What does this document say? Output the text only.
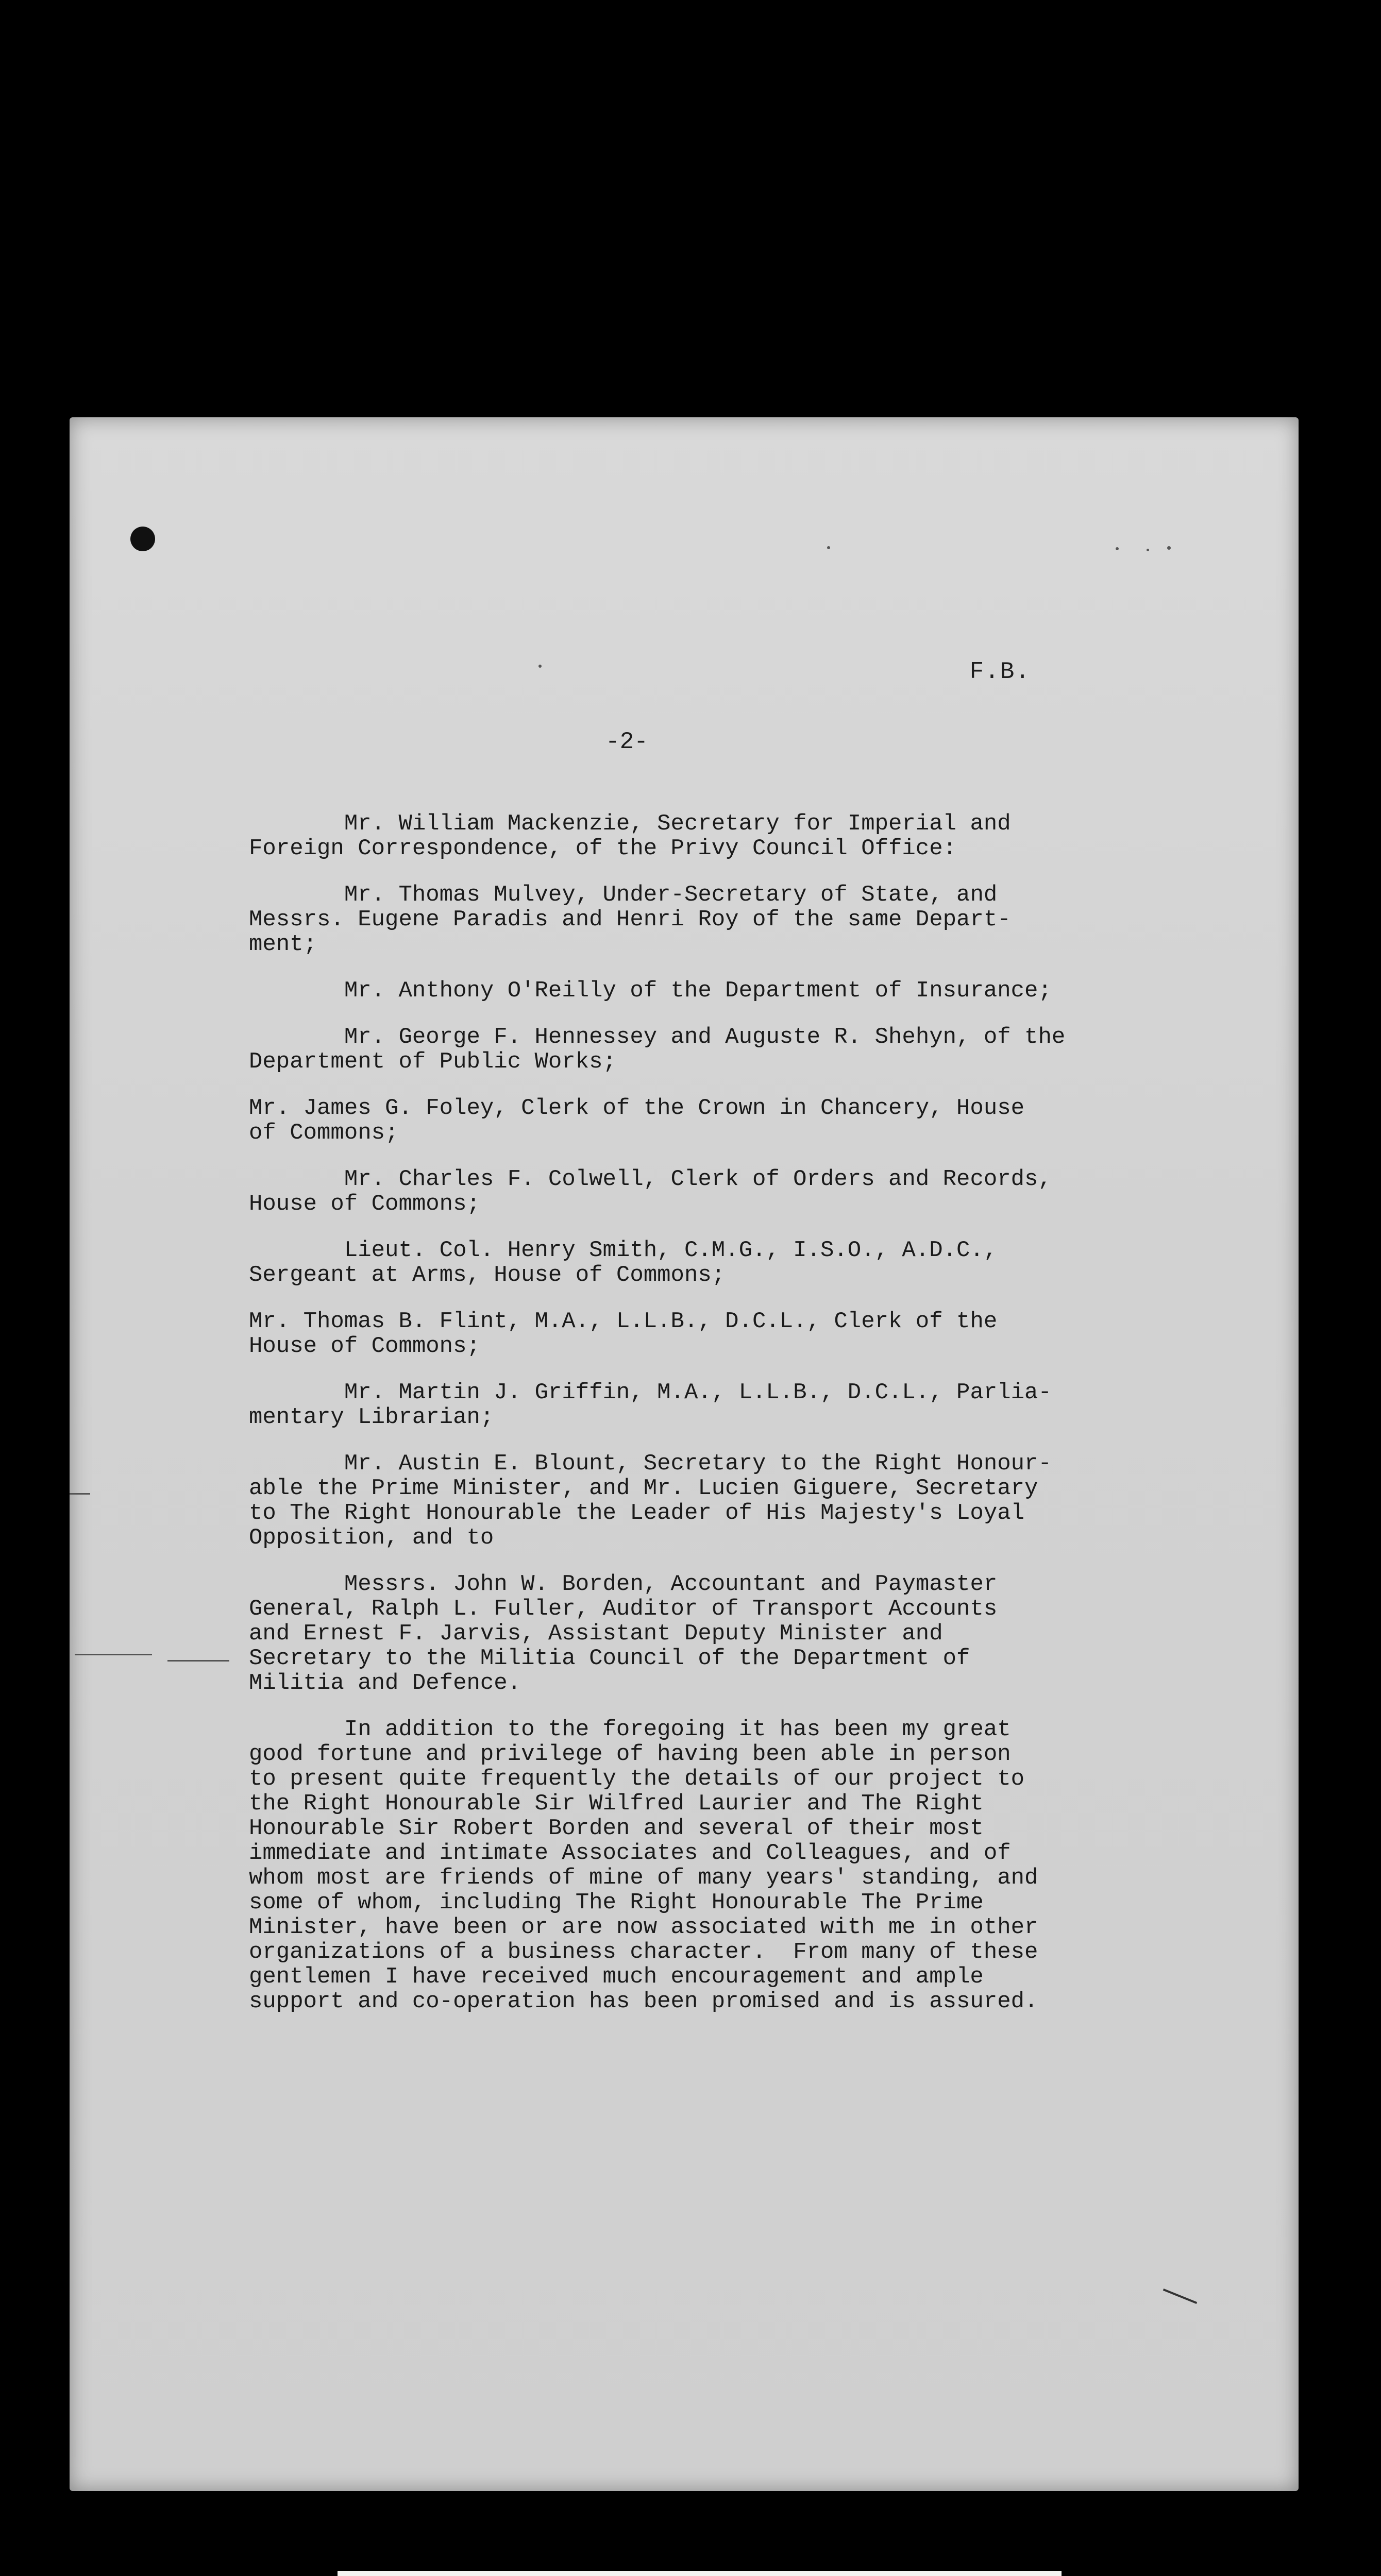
F.B.
-2-

Mr. William Mackenzie, Secretary for Imperial and
Foreign Correspondence, of the Privy Council Office:

Mr. Thomas Mulvey, Under-Secretary of State, and
Messrs. Eugene Paradis and Henri Roy of the same Depart-
ment;

Mr. Anthony O'Reilly of the Department of Insurance;

Mr. George F. Hennessey and Auguste R. Shehyn, of the
Department of Public Works;

Mr. James G. Foley, Clerk of the Crown in Chancery, House
of Commons;

Mr. Charles F. Colwell, Clerk of Orders and Records,
House of Commons;

Lieut. Col. Henry Smith, C.M.G., I.S.O., A.D.C.,
Sergeant at Arms, House of Commons;

Mr. Thomas B. Flint, M.A., L.L.B., D.C.L., Clerk of the
House of Commons;

Mr. Martin J. Griffin, M.A., L.L.B., D.C.L., Parlia-
mentary Librarian;

Mr. Austin E. Blount, Secretary to the Right Honour-
able the Prime Minister, and Mr. Lucien Giguere, Secretary
to The Right Honourable the Leader of His Majesty's Loyal
Opposition, and to

Messrs. John W. Borden, Accountant and Paymaster
General, Ralph L. Fuller, Auditor of Transport Accounts
and Ernest F. Jarvis, Assistant Deputy Minister and
Secretary to the Militia Council of the Department of
Militia and Defence.

In addition to the foregoing it has been my great
good fortune and privilege of having been able in person
to present quite frequently the details of our project to
the Right Honourable Sir Wilfred Laurier and The Right
Honourable Sir Robert Borden and several of their most
immediate and intimate Associates and Colleagues, and of
whom most are friends of mine of many years' standing, and
some of whom, including The Right Honourable The Prime
Minister, have been or are now associated with me in other
organizations of a business character.  From many of these
gentlemen I have received much encouragement and ample
support and co-operation has been promised and is assured.
